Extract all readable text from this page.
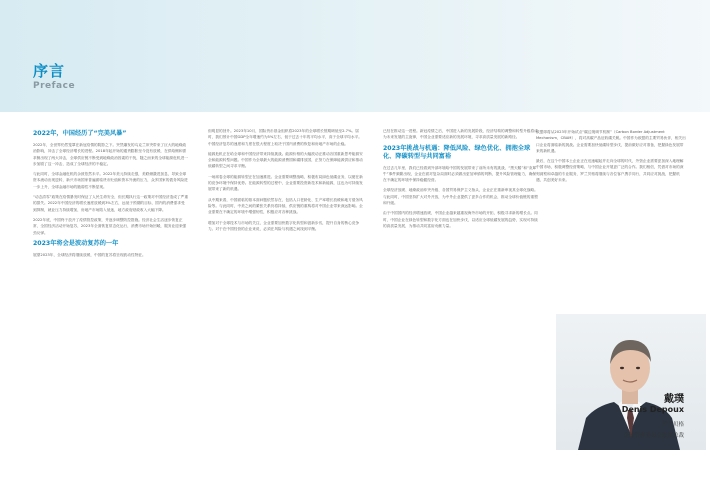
序言
Preface
2022年，中国经历了“完美风暴”

2022年，全世界仍然笼罩在新冠疫情的阴影之下。突然爆发的乌克兰冲突带来了巨大的地缘政治影响，冲击了全球经济增长的进程。2018年起开始的通货膨胀至今没有放缓，在供给侧和需求侧出现了两大冲击，全球供应链不断受到地缘政治因素的干扰，随之而来的全球能源危机进一步加剧了这一冲击，造成了全球经济的不稳定。

与此同时，全球金融危机的余波依然未平。2022年美元持续走强，美联储激进加息，导致全球资本流动出现逆转，新兴市场国家普遍面临货币贬值和资本外流的压力，众多国家的债务风险进一步上升，全球金融市场的脆弱性不断显现。

“动态清零”政策在疫情暴发时保证了人民生命安全，但长期执行这一政策对中国经济造成了严重的损失。2022年中国经济的增长速度放缓到3%左右，远低于预期的目标，国内的消费需求受到抑制，就业压力持续增加，房地产市场陷入低迷，地方政府财政收入大幅下降。

2022年底，中国终于放开了疫情管控政策，并逐步调整防控措施。经济社会生活逐步恢复正常，全国经济活动开始复苏，2023年全面恢复常态化运行，消费市场开始回暖，服务业迎来强劲反弹。

2023年将会是波动复苏的一年

展望2023年，全球经济将继续放缓，中国的复苏将呈现波动性特征。

但明显的回升。2023年10月，国际货币基金组织将2023年的全球增长预期调低至2.7%。届时，我们预计中国GDP全年增速约为5%左右，低于过去十年的平均水平，高于全球平均水平。中国经济复苏的速度和力度在很大程度上取决于国内消费的恢复和房地产市场的企稳。

能源危机正在给全球和中国经济带来持续挑战。能源价格的大幅波动正推动各国重新思考能源安全和能源转型问题。中国作为全球最大的能源消费国和碳排放国，正努力在保障能源供应和推动低碳转型之间寻求平衡。

一场席卷全球的能源转型正在加速推进。企业需要调整战略，积极布局绿色低碳业务，以便在新的竞争环境中保持优势。在能源转型的过程中，企业需要投资新技术和新能源，这也为可持续发展带来了新的机遇。

从中期来看，中国面临的基本面问题依然存在，包括人口老龄化、生产率增长放缓和地方债务风险等。与此同时，中美之间的紧张关系仍将持续，供应链的重构将对中国企业带来深远影响。企业需要在不确定的环境中增强韧性，积极应对各种挑战。

增加对于全球技术与市场的关注，企业需要加快数字化转型和创新步伐，提升自身的核心竞争力。对于在中国经营的企业来说，必须在风险与机遇之间找到平衡。

已经在推动这一进程。新冠疫情之后，中国进入新的发展阶段，经济结构的调整和转型升级将成为未来发展的主旋律，中国企业需要适应新的发展环境，寻求高质量发展的新路径。

2023年挑战与机遇：降低风险、绿色优化、拥抱全球化、降碳转型与共同富裕

在过去几年里，我们已经看到外部环境给中国的发展带来了前所未有的挑战，“黑天鹅”和“灰犀牛”事件频繁出现，企业在面对复杂局面时必须做出更加审慎的判断，提升风险管理能力，确保在不确定的环境中保持稳健经营。

全球经济放缓、地缘政治冲突升级、各国贸易保护主义抬头，企业正在重新审视其全球化战略。与此同时，中国坚持扩大对外开放，为中外企业提供了更多合作的机会，推动全球价值链的重塑和升级。

由于中国国内的经济增速放缓，中国企业越来越重视海外市场的开拓，积极寻求新的增长点。同时，中国企业在绿色转型和数字化方面也在加快步伐，以适应全球低碳发展的趋势，实现可持续的高质量发展，为推动共同富裕贡献力量。

欧盟即将从2023年开始试点“碳边境调节机制”（Carbon Border Adjustment Mechanism，CBAM），将对高碳产品征收碳关税。中国作为欧盟的主要贸易伙伴，相关出口企业将面临新的挑战。企业需要加快低碳转型步伐，提前做好应对准备，把握绿色发展带来的新机遇。

最后，在这个中国本土企业正在迅速崛起并走向全球的时代，外资企业需要更加深入地理解中国市场，积极调整经营策略，与中国企业开展更广泛的合作。我们相信，凭借对市场的深刻洞察和卓越的专业服务，罗兰贝格将继续与各位客户携手同行，共同应对挑战，把握机遇，共创美好未来。

戴璞
Denis Depoux
罗兰贝格
全球管理委员会联席总裁
